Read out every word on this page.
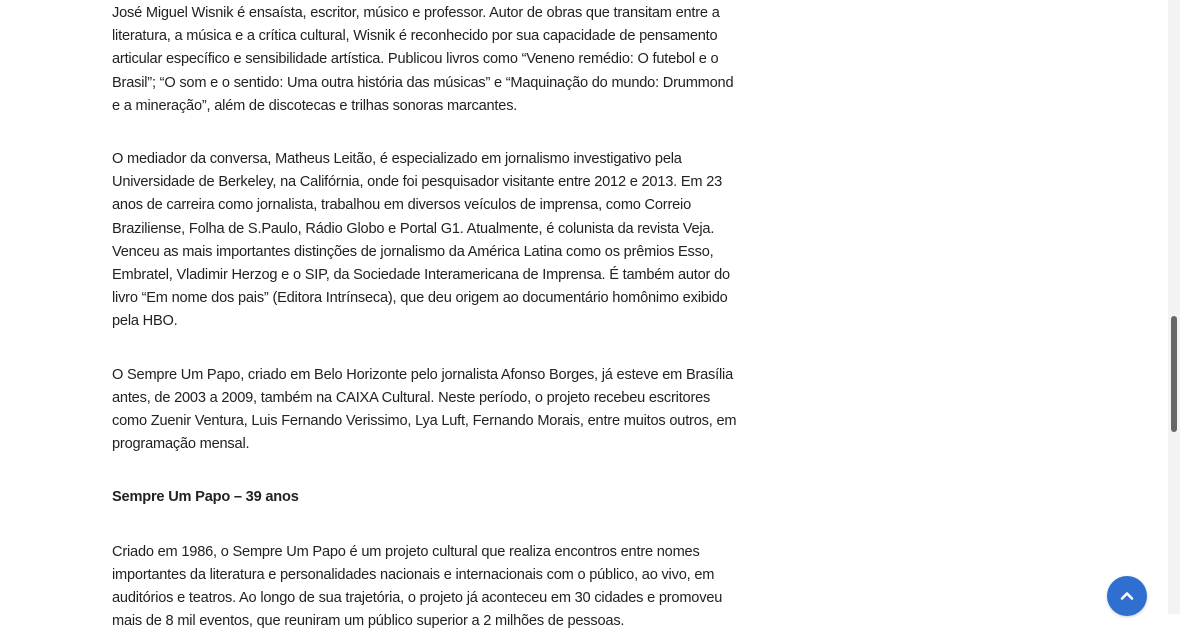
José Miguel Wisnik é ensaísta, escritor, músico e professor. Autor de obras que transitam entre a literatura, a música e a crítica cultural, Wisnik é reconhecido por sua capacidade de pensamento articular específico e sensibilidade artística. Publicou livros como “Veneno remédio: O futebol e o Brasil”; “O som e o sentido: Uma outra história das músicas” e “Maquinação do mundo: Drummond e a mineração”, além de discotecas e trilhas sonoras marcantes.

O mediador da conversa, Matheus Leitão, é especializado em jornalismo investigativo pela Universidade de Berkeley, na Califórnia, onde foi pesquisador visitante entre 2012 e 2013. Em 23 anos de carreira como jornalista, trabalhou em diversos veículos de imprensa, como Correio Braziliense, Folha de S.Paulo, Rádio Globo e Portal G1. Atualmente, é colunista da revista Veja. Venceu as mais importantes distinções de jornalismo da América Latina como os prêmios Esso, Embratel, Vladimir Herzog e o SIP, da Sociedade Interamericana de Imprensa. É também autor do livro “Em nome dos pais” (Editora Intrínseca), que deu origem ao documentário homônimo exibido pela HBO.

O Sempre Um Papo, criado em Belo Horizonte pelo jornalista Afonso Borges, já esteve em Brasília antes, de 2003 a 2009, também na CAIXA Cultural. Neste período, o projeto recebeu escritores como Zuenir Ventura, Luis Fernando Verissimo, Lya Luft, Fernando Morais, entre muitos outros, em programação mensal.

Sempre Um Papo – 39 anos

Criado em 1986, o Sempre Um Papo é um projeto cultural que realiza encontros entre nomes importantes da literatura e personalidades nacionais e internacionais com o público, ao vivo, em auditórios e teatros. Ao longo de sua trajetória, o projeto já aconteceu em 30 cidades e promoveu mais de 8 mil eventos, que reuniram um público superior a 2 milhões de pessoas.
